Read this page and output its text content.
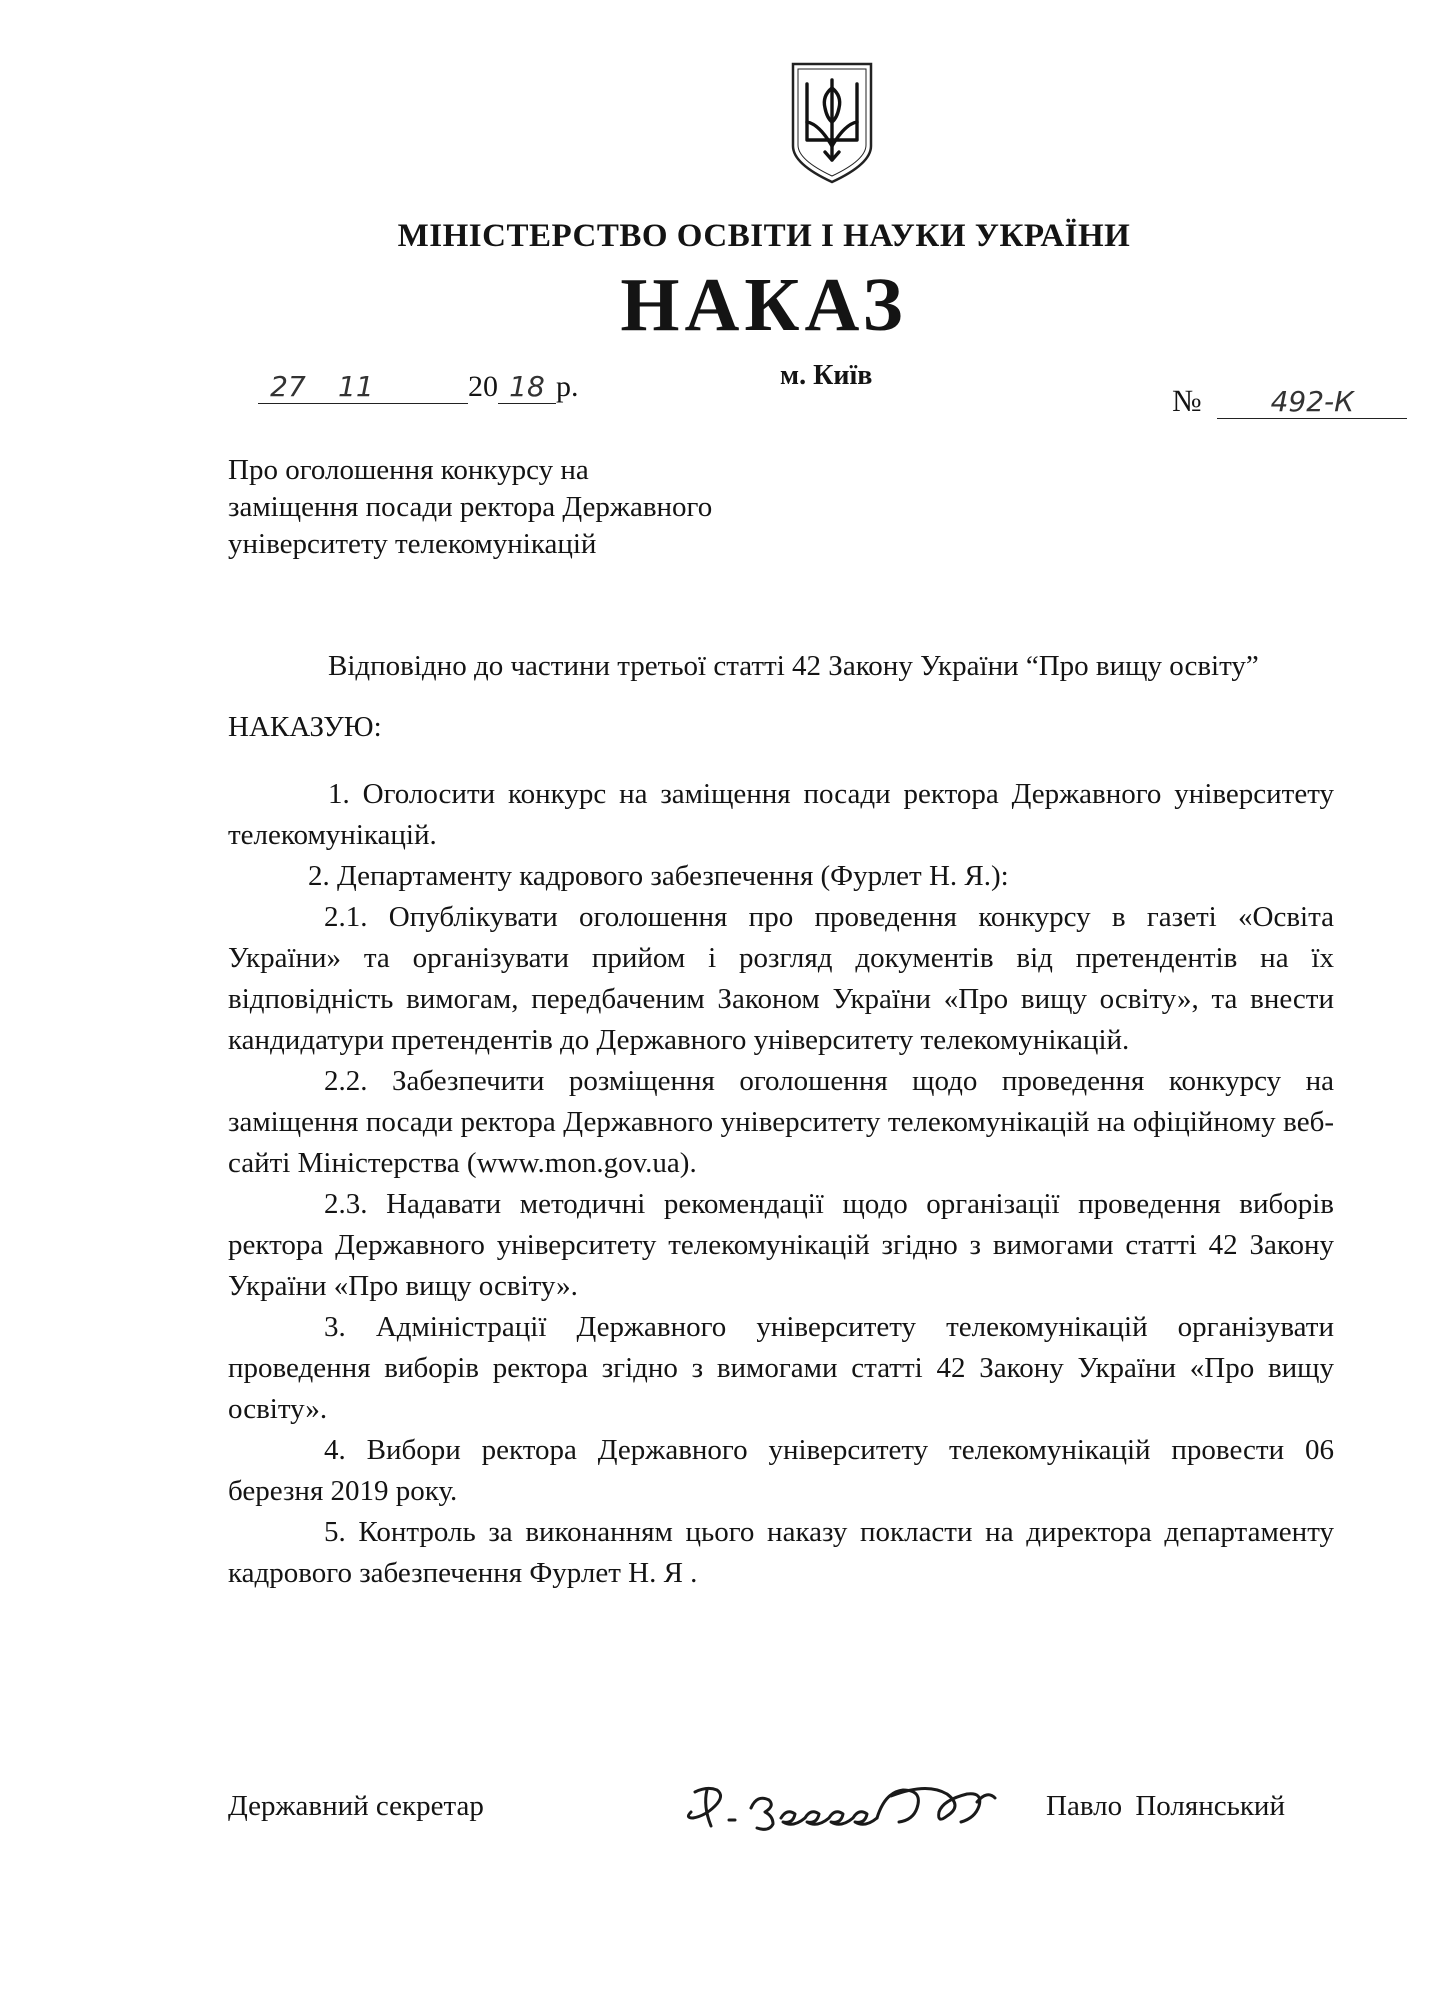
МІНІСТЕРСТВО ОСВІТИ І НАУКИ УКРАЇНИ
НАКАЗ
27 11	20 18 р.	м. Київ
№ 492-К
Про оголошення конкурсу на
заміщення посади ректора Державного
університету телекомунікацій

Відповідно до частини третьої статті 42 Закону України “Про вищу освіту”

НАКАЗУЮ:

1. Оголосити конкурс на заміщення посади ректора Державного університету телекомунікацій.

2. Департаменту кадрового забезпечення (Фурлет Н. Я.):

2.1. Опублікувати оголошення про проведення конкурсу в газеті «Освіта України» та організувати прийом і розгляд документів від претендентів на їх відповідність вимогам, передбаченим Законом України «Про вищу освіту», та внести кандидатури претендентів до Державного університету телекомунікацій.

2.2. Забезпечити розміщення оголошення щодо проведення конкурсу на заміщення посади ректора Державного університету телекомунікацій на офіційному веб-сайті Міністерства (www.mon.gov.ua).

2.3. Надавати методичні рекомендації щодо організації проведення виборів ректора Державного університету телекомунікацій згідно з вимогами статті 42 Закону України «Про вищу освіту».

3. Адміністрації Державного університету телекомунікацій організувати проведення виборів ректора згідно з вимогами статті 42 Закону України «Про вищу освіту».

4. Вибори ректора Державного університету телекомунікацій провести 06 березня 2019 року.

5. Контроль за виконанням цього наказу покласти на директора департаменту кадрового забезпечення Фурлет Н. Я .

Державний секретар	Павло Полянський
